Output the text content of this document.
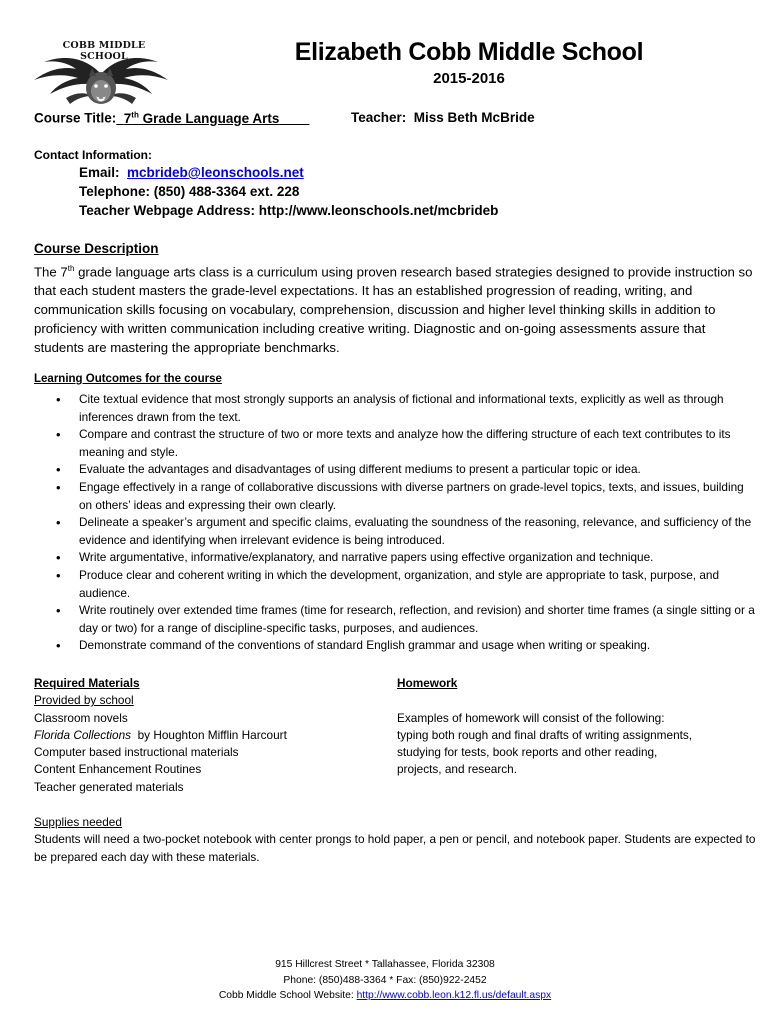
COBB MIDDLE SCHOOL	Elizabeth Cobb Middle School
2015-2016
Course Title: 7th Grade Language Arts	Teacher: Miss Beth McBride
Contact Information:
Email: mcbrideb@leonschools.net
Telephone: (850) 488-3364 ext. 228
Teacher Webpage Address: http://www.leonschools.net/mcbrideb
Course Description
The 7th grade language arts class is a curriculum using proven research based strategies designed to provide instruction so that each student masters the grade-level expectations. It has an established progression of reading, writing, and communication skills focusing on vocabulary, comprehension, discussion and higher level thinking skills in addition to proficiency with written communication including creative writing. Diagnostic and on-going assessments assure that students are mastering the appropriate benchmarks.
Learning Outcomes for the course
• Cite textual evidence that most strongly supports an analysis of fictional and informational texts, explicitly as well as through inferences drawn from the text.
• Compare and contrast the structure of two or more texts and analyze how the differing structure of each text contributes to its meaning and style.
• Evaluate the advantages and disadvantages of using different mediums to present a particular topic or idea.
• Engage effectively in a range of collaborative discussions with diverse partners on grade-level topics, texts, and issues, building on others’ ideas and expressing their own clearly.
• Delineate a speaker’s argument and specific claims, evaluating the soundness of the reasoning, relevance, and sufficiency of the evidence and identifying when irrelevant evidence is being introduced.
• Write argumentative, informative/explanatory, and narrative papers using effective organization and technique.
• Produce clear and coherent writing in which the development, organization, and style are appropriate to task, purpose, and audience.
• Write routinely over extended time frames (time for research, reflection, and revision) and shorter time frames (a single sitting or a day or two) for a range of discipline-specific tasks, purposes, and audiences.
• Demonstrate command of the conventions of standard English grammar and usage when writing or speaking.
Required Materials
Provided by school
Classroom novels
Florida Collections  by Houghton Mifflin Harcourt
Computer based instructional materials
Content Enhancement Routines
Teacher generated materials
Homework

Examples of homework will consist of the following:
typing both rough and final drafts of writing assignments,
studying for tests, book reports and other reading,
projects, and research.
Supplies needed
Students will need a two-pocket notebook with center prongs to hold paper, a pen or pencil, and notebook paper. Students are expected to be prepared each day with these materials.
915 Hillcrest Street * Tallahassee, Florida 32308
Phone: (850)488-3364 * Fax: (850)922-2452
Cobb Middle School Website: http://www.cobb.leon.k12.fl.us/default.aspx
